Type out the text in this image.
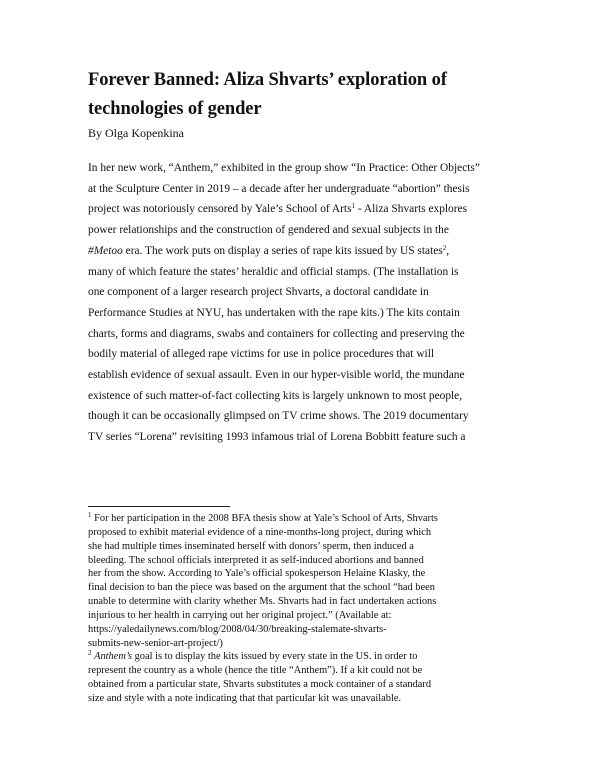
Forever Banned: Aliza Shvarts’ exploration of technologies of gender
By Olga Kopenkina
In her new work, “Anthem,” exhibited in the group show “In Practice: Other Objects”
at the Sculpture Center in 2019 – a decade after her undergraduate “abortion” thesis
project was notoriously censored by Yale’s School of Arts$^1$ - Aliza Shvarts explores
power relationships and the construction of gendered and sexual subjects in the
#Metoo era. The work puts on display a series of rape kits issued by US states$^2$,
many of which feature the states’ heraldic and official stamps. (The installation is
one component of a larger research project Shvarts, a doctoral candidate in
Performance Studies at NYU, has undertaken with the rape kits.) The kits contain
charts, forms and diagrams, swabs and containers for collecting and preserving the
bodily material of alleged rape victims for use in police procedures that will
establish evidence of sexual assault. Even in our hyper-visible world, the mundane
existence of such matter-of-fact collecting kits is largely unknown to most people,
though it can be occasionally glimpsed on TV crime shows. The 2019 documentary
TV series “Lorena” revisiting 1993 infamous trial of Lorena Bobbitt feature such a
$^1$ For her participation in the 2008 BFA thesis show at Yale’s School of Arts, Shvarts
proposed to exhibit material evidence of a nine-months-long project, during which
she had multiple times inseminated herself with donors’ sperm, then induced a
bleeding. The school officials interpreted it as self-induced abortions and banned
her from the show. According to Yale’s official spokesperson Helaine Klasky, the
final decision to ban the piece was based on the argument that the school “had been
unable to determine with clarity whether Ms. Shvarts had in fact undertaken actions
injurious to her health in carrying out her original project.” (Available at:
https://yaledailynews.com/blog/2008/04/30/breaking-stalemate-shvarts-
submits-new-senior-art-project/)
$^2$ Anthem’s goal is to display the kits issued by every state in the US. in order to
represent the country as a whole (hence the title “Anthem”). If a kit could not be
obtained from a particular state, Shvarts substitutes a mock container of a standard
size and style with a note indicating that that particular kit was unavailable.
